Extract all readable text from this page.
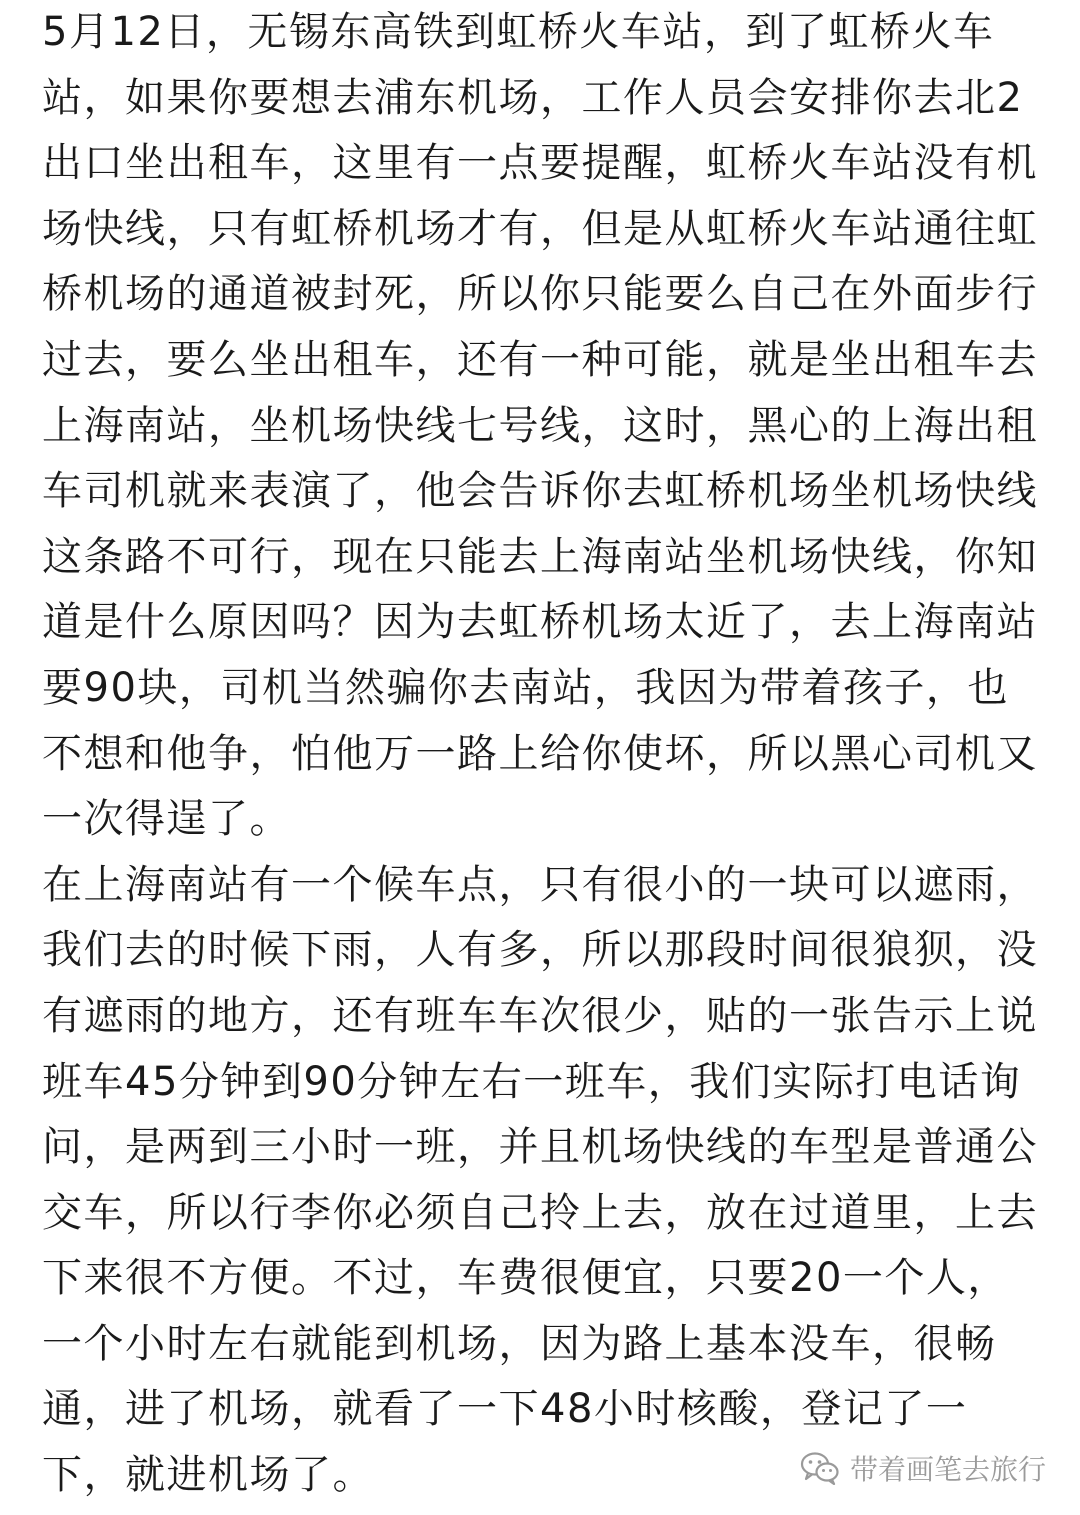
5月12日，无锡东高铁到虹桥火车站，到了虹桥火车
站，如果你要想去浦东机场，工作人员会安排你去北2
出口坐出租车，这里有一点要提醒，虹桥火车站没有机
场快线，只有虹桥机场才有，但是从虹桥火车站通往虹
桥机场的通道被封死，所以你只能要么自己在外面步行
过去，要么坐出租车，还有一种可能，就是坐出租车去
上海南站，坐机场快线七号线，这时，黑心的上海出租
车司机就来表演了，他会告诉你去虹桥机场坐机场快线
这条路不可行，现在只能去上海南站坐机场快线，你知
道是什么原因吗？因为去虹桥机场太近了，去上海南站
要90块，司机当然骗你去南站，我因为带着孩子，也
不想和他争，怕他万一路上给你使坏，所以黑心司机又
一次得逞了。
在上海南站有一个候车点，只有很小的一块可以遮雨，
我们去的时候下雨，人有多，所以那段时间很狼狈，没
有遮雨的地方，还有班车车次很少，贴的一张告示上说
班车45分钟到90分钟左右一班车，我们实际打电话询
问，是两到三小时一班，并且机场快线的车型是普通公
交车，所以行李你必须自己拎上去，放在过道里，上去
下来很不方便。不过，车费很便宜，只要20一个人，
一个小时左右就能到机场，因为路上基本没车，很畅
通，进了机场，就看了一下48小时核酸，登记了一
下，就进机场了。	带着画笔去旅行
